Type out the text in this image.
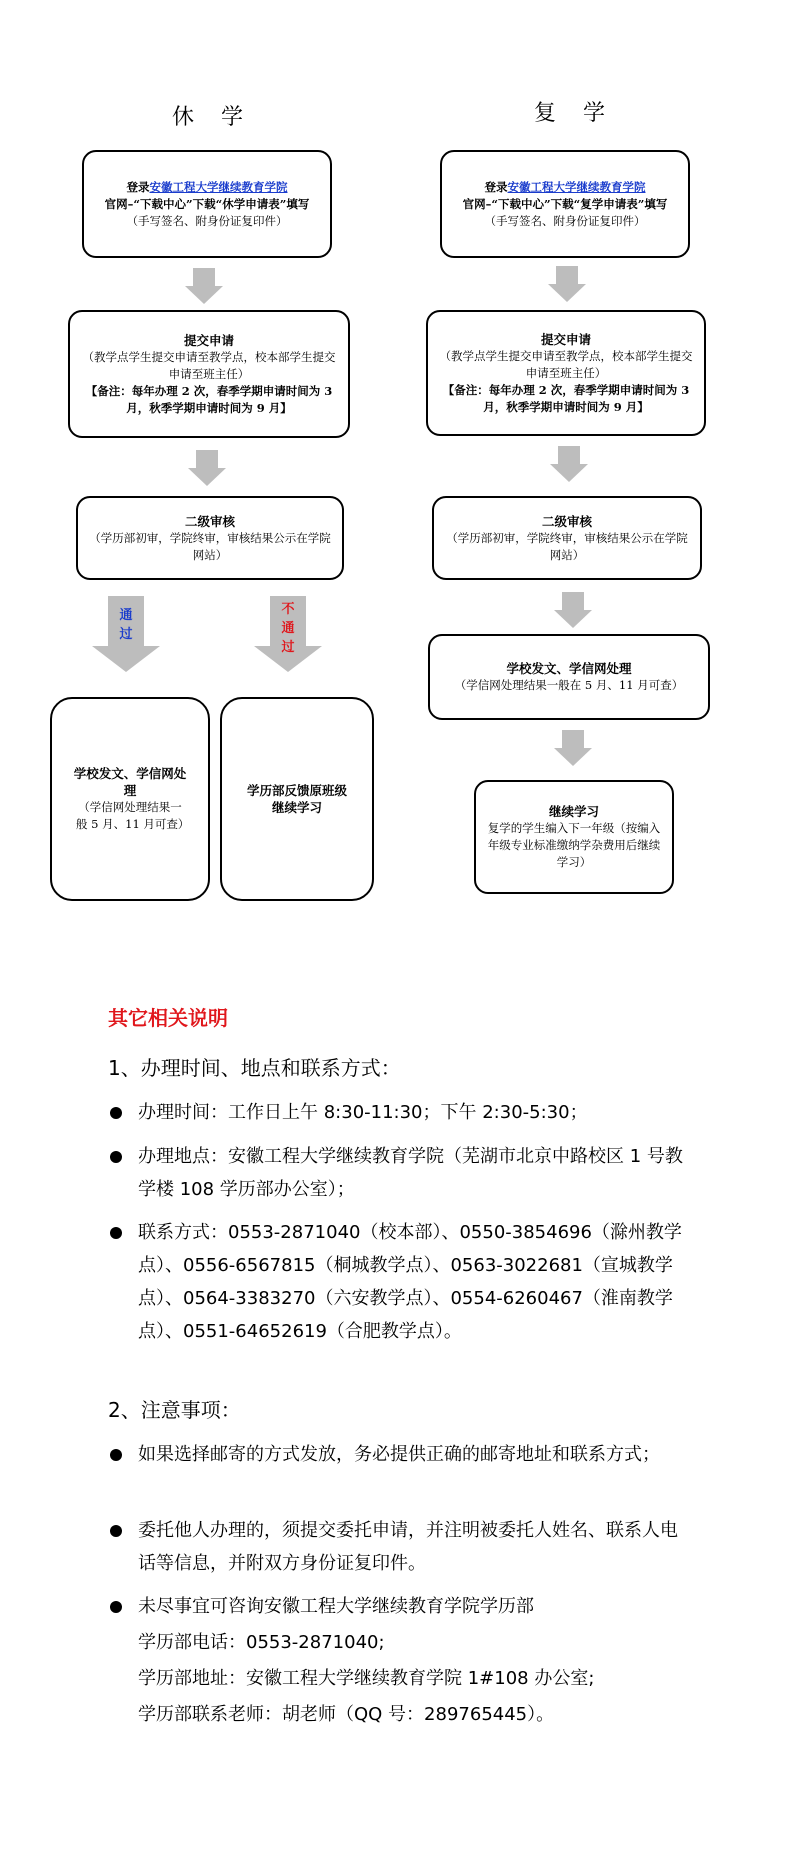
休 学
登录安徽工程大学继续教育学院
官网–“下载中心”下载“休学申请表”填写
（手写签名、附身份证复印件）
提交申请
（教学点学生提交申请至教学点，校本部学生提交申请至班主任）
【备注：每年办理 2 次，春季学期申请时间为 3 月，秋季学期申请时间为 9 月】
二级审核
（学历部初审，学院终审，审核结果公示在学院网站）
通
过
不
通
过
学校发文、学信网处理
（学信网处理结果一般 5 月、11 月可查）
学历部反馈原班级继续学习
复 学
登录安徽工程大学继续教育学院
官网–“下载中心”下载“复学申请表”填写
（手写签名、附身份证复印件）
提交申请
（教学点学生提交申请至教学点，校本部学生提交申请至班主任）
【备注：每年办理 2 次，春季学期申请时间为 3 月，秋季学期申请时间为 9 月】
二级审核
（学历部初审，学院终审，审核结果公示在学院网站）
学校发文、学信网处理
（学信网处理结果一般在 5 月、11 月可查）
继续学习
复学的学生编入下一年级（按编入年级专业标准缴纳学杂费用后继续学习）
其它相关说明
1、办理时间、地点和联系方式：
办理时间：工作日上午 8:30-11:30；下午 2:30-5:30；
办理地点：安徽工程大学继续教育学院（芜湖市北京中路校区 1 号教学楼 108 学历部办公室）；
联系方式：0553-2871040（校本部）、0550-3854696（滁州教学点）、0556-6567815（桐城教学点）、0563-3022681（宣城教学点）、0564-3383270（六安教学点）、0554-6260467（淮南教学点）、0551-64652619（合肥教学点）。
2、注意事项：
如果选择邮寄的方式发放，务必提供正确的邮寄地址和联系方式；
委托他人办理的，须提交委托申请，并注明被委托人姓名、联系人电话等信息，并附双方身份证复印件。
未尽事宜可咨询安徽工程大学继续教育学院学历部
学历部电话：0553-2871040;
学历部地址：安徽工程大学继续教育学院 1#108 办公室;
学历部联系老师：胡老师（QQ 号：289765445）。
